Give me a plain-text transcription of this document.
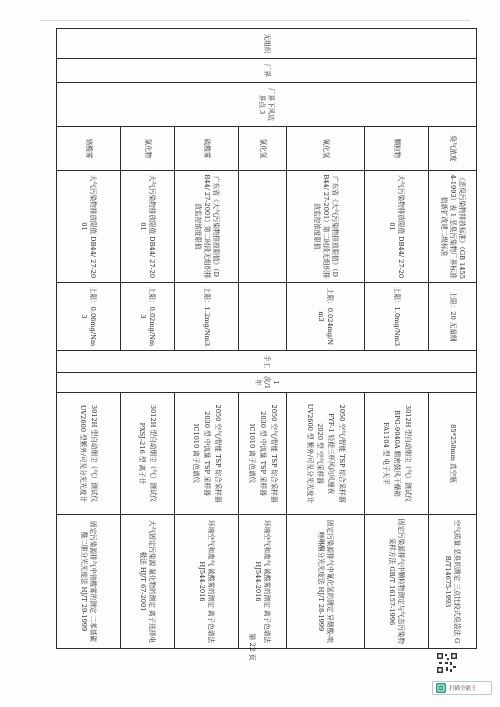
无组织	厂界	厂界下风边界点 3	臭气浓度	《恶臭污染物排放标准》（GB 14554-1993）表 1 恶臭污染物厂界标准值新扩改建二级标准	上限：20 无量纲	手工	1 次/1 年	85*250mm 真空瓶	空气质量 恶臭的测定 三点比较式臭袋法 GB/T14675-1993
			颗粒物	大气污染物排放限值 DB44/ 27-2001	上限：1.0mg/Nm3			3012H 型自动烟尘（气）测试仪
BPG-9040A 精密鼓风干燥箱
FA1104 型 电子天平	固定污染源排气中颗粒物测定与气态污染物采样方法 GB/T 16157-1996
			氰化氢	广东省《大气污染物排放限值》（DB44/ 27-2001）第二时段无组织排放监控浓度限值	上限：0.024mg/Nm3			2050 空气/智能 TSP 综合采样器
FYF-1 轻便三杯风向风速表
2020 型 空气采样器
UV2600 型 紫外/可见分光光度计	固定污染源排气中氰化氢的测定 异烟酸-吡唑啉酮分光光度法 HJ/T 28-1999
			氯化氢					2050 空气/智能 TSP 综合采样器
2030 型 中流量 TSP 采样器
IC1010 离子色谱仪	环境空气和废气 硫酸雾的测定 离子色谱法 HJ544-2016
			硫酸雾	广东省《大气污染物排放限值》（DB44/ 27-2001）第二时段无组织排放监控浓度限值	上限：1.2mg/Nm3			2050 空气/智能 TSP 综合采样器
2030 型 中流量 TSP 采样器
IC1010 离子色谱仪	环境空气和废气 硫酸雾的测定 离子色谱法 HJ544-2016
			氯化物	大气污染物排放限值 DB44/ 27-2001	上限：0.02mg/Nm3			3012H 型自动烟尘（气）测试仪
PXSJ-216 型 离子计	大气固定污染源 氟化物的测定 离子选择电极法 HJ/T 67-2001
			铬酸雾	大气污染物排放限值 DB44/ 27-2001	上限：0.06mg/Nm3			3012H 型自动烟尘（气）测试仪
UV2600 型紫外/可见分光光度计	固定污染源排气中铬酸雾的测定 二苯基碳酰二肼分光光度法 HJ/T 29-1999
第 22 页
扫描全能王
